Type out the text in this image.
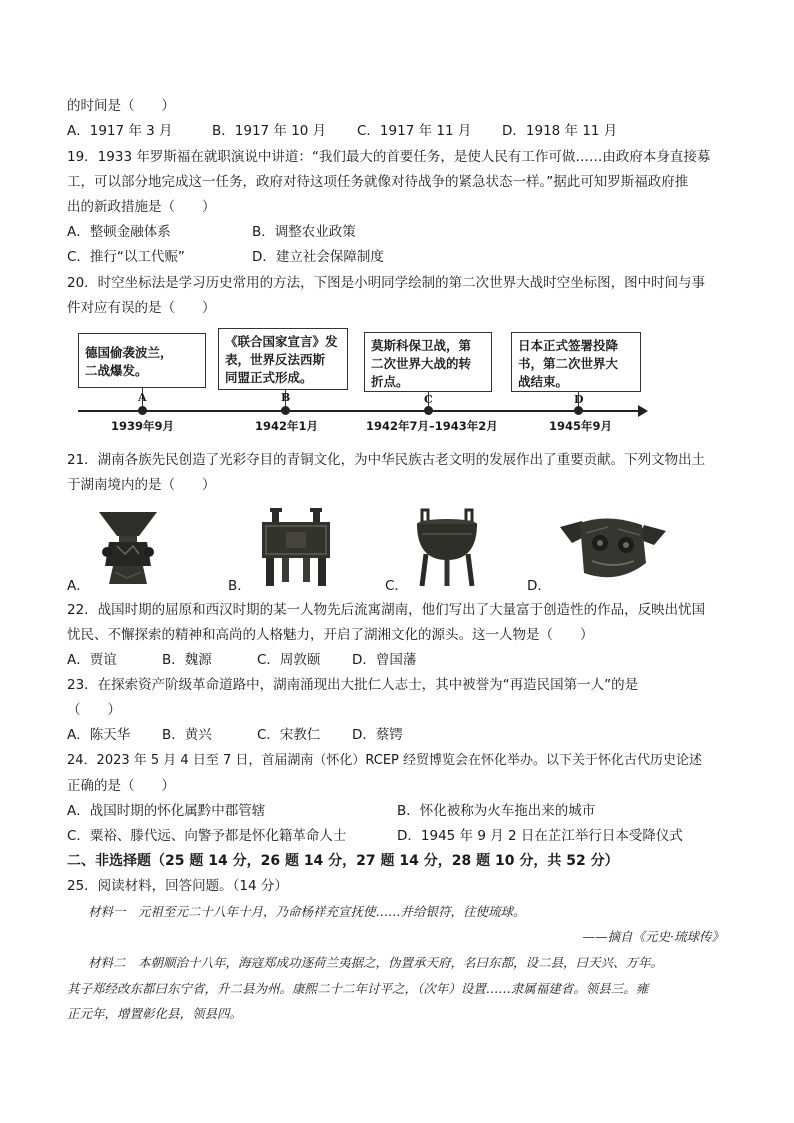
的时间是（　　）
A．1917 年 3 月	B．1917 年 10 月 C．1917 年 11 月 D．1918 年 11 月
19．1933 年罗斯福在就职演说中讲道：“我们最大的首要任务，是使人民有工作可做……由政府本身直接募
工，可以部分地完成这一任务，政府对待这项任务就像对待战争的紧急状态一样。”据此可知罗斯福政府推
出的新政措施是（　　）
A．整顿金融体系	B．调整农业政策
C．推行“以工代赈”	D．建立社会保障制度
20．时空坐标法是学习历史常用的方法，下图是小明同学绘制的第二次世界大战时空坐标图，图中时间与事
件对应有误的是（　　）
德国偷袭波兰，
二战爆发。
《联合国家宣言》发
表，世界反法西斯
同盟正式形成。
莫斯科保卫战，第
二次世界大战的转
折点。
日本正式签署投降
书，第二次世界大
战结束。
A	B	C	D
1939年9月	1942年1月	1942年7月–1943年2月	1945年9月
21．湖南各族先民创造了光彩夺目的青铜文化，为中华民族古老文明的发展作出了重要贡献。下列文物出土
于湖南境内的是（　　）
A．	B．	C．	D．
22．战国时期的屈原和西汉时期的某一人物先后流寓湖南，他们写出了大量富于创造性的作品，反映出忧国
忧民、不懈探索的精神和高尚的人格魅力，开启了湖湘文化的源头。这一人物是（　　）
A．贾谊	B．魏源	C．周敦颐 D．曾国藩
23．在探索资产阶级革命道路中，湖南涌现出大批仁人志士，其中被誉为“再造民国第一人”的是
（　　）
A．陈天华 B．黄兴	C．宋教仁 D．蔡锷
24．2023 年 5 月 4 日至 7 日，首届湖南（怀化）RCEP 经贸博览会在怀化举办。以下关于怀化古代历史论述
正确的是（　　）
A．战国时期的怀化属黔中郡管辖	B．怀化被称为火车拖出来的城市
C．粟裕、滕代远、向警予都是怀化籍革命人士	D．1945 年 9 月 2 日在芷江举行日本受降仪式
二、非选择题（25 题 14 分，26 题 14 分，27 题 14 分，28 题 10 分，共 52 分）
25．阅读材料，回答问题。（14 分）
材料一　元祖至元二十八年十月，乃命杨祥充宣抚使……并给银符，往使琉球。
——摘自《元史·琉球传》
材料二　本朝顺治十八年，海寇郑成功逐荷兰夷据之，伪置承天府，名曰东都，设二县，曰天兴、万年。
其子郑经改东都曰东宁省，升二县为州。康熙二十二年讨平之，（次年）设置……隶属福建省。领县三。雍
正元年，增置彰化县，领县四。
